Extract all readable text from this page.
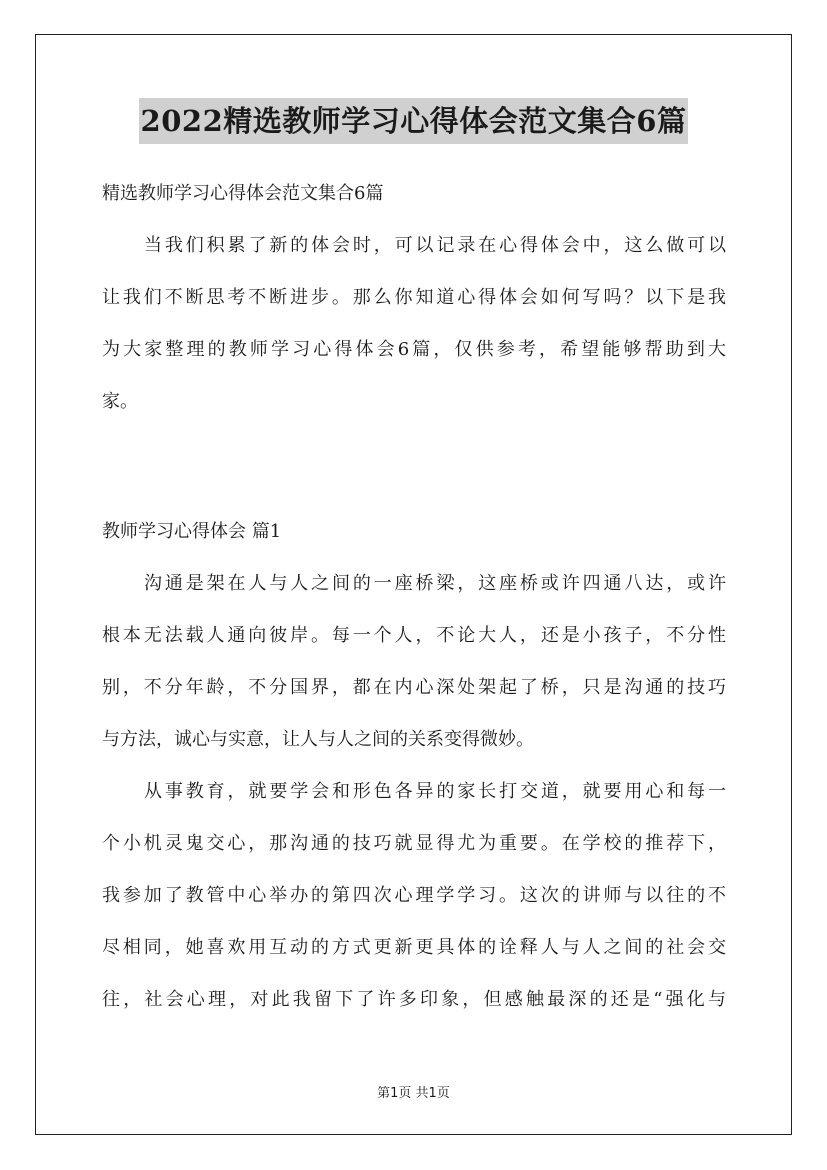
2022精选教师学习心得体会范文集合6篇
精选教师学习心得体会范文集合6篇
当我们积累了新的体会时，可以记录在心得体会中，这么做可以
让我们不断思考不断进步。那么你知道心得体会如何写吗？以下是我
为大家整理的教师学习心得体会6篇，仅供参考，希望能够帮助到大
家。
教师学习心得体会 篇1
沟通是架在人与人之间的一座桥梁，这座桥或许四通八达，或许
根本无法载人通向彼岸。每一个人，不论大人，还是小孩子，不分性
别，不分年龄，不分国界，都在内心深处架起了桥，只是沟通的技巧
与方法，诚心与实意，让人与人之间的关系变得微妙。
从事教育，就要学会和形色各异的家长打交道，就要用心和每一
个小机灵鬼交心，那沟通的技巧就显得尤为重要。在学校的推荐下，
我参加了教管中心举办的第四次心理学学习。这次的讲师与以往的不
尽相同，她喜欢用互动的方式更新更具体的诠释人与人之间的社会交
往，社会心理，对此我留下了许多印象，但感触最深的还是“强化与
第1页 共1页
